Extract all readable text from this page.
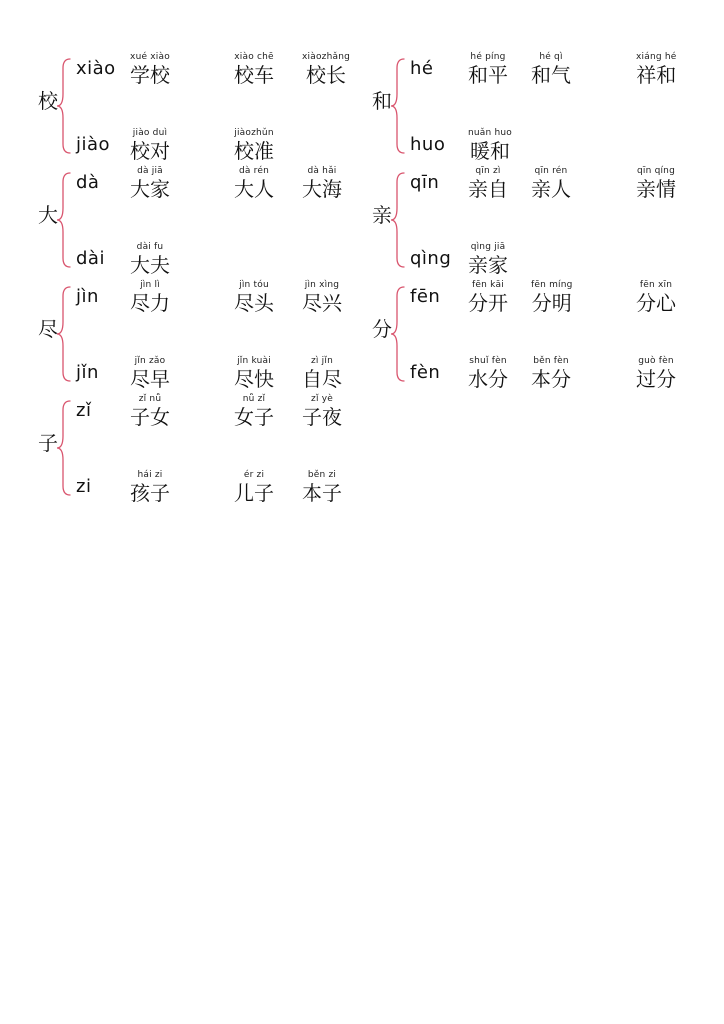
校
xiào
xué xiào
学校
xiào chē
校车
xiàozhǎng
校长
jiào
jiào duì
校对
jiàozhǔn
校准
和
hé
hé píng
和平
hé qì
和气
xiáng hé
祥和
huo
nuǎn huo
暖和
大
dà
dà jiā
大家
dà rén
大人
dà hǎi
大海
dài
dài fu
大夫
亲
qīn
qīn zì
亲自
qīn rén
亲人
qīn qíng
亲情
qìng
qìng jiā
亲家
尽
jìn
jìn lì
尽力
jìn tóu
尽头
jìn xìng
尽兴
jǐn
jǐn zǎo
尽早
jǐn kuài
尽快
zì jǐn
自尽
分
fēn
fēn kāi
分开
fēn míng
分明
fēn xīn
分心
fèn
shuǐ fèn
水分
běn fèn
本分
guò fèn
过分
子
zǐ
zǐ nǚ
子女
nǚ zǐ
女子
zǐ yè
子夜
zi
hái zi
孩子
ér zi
儿子
běn zi
本子
